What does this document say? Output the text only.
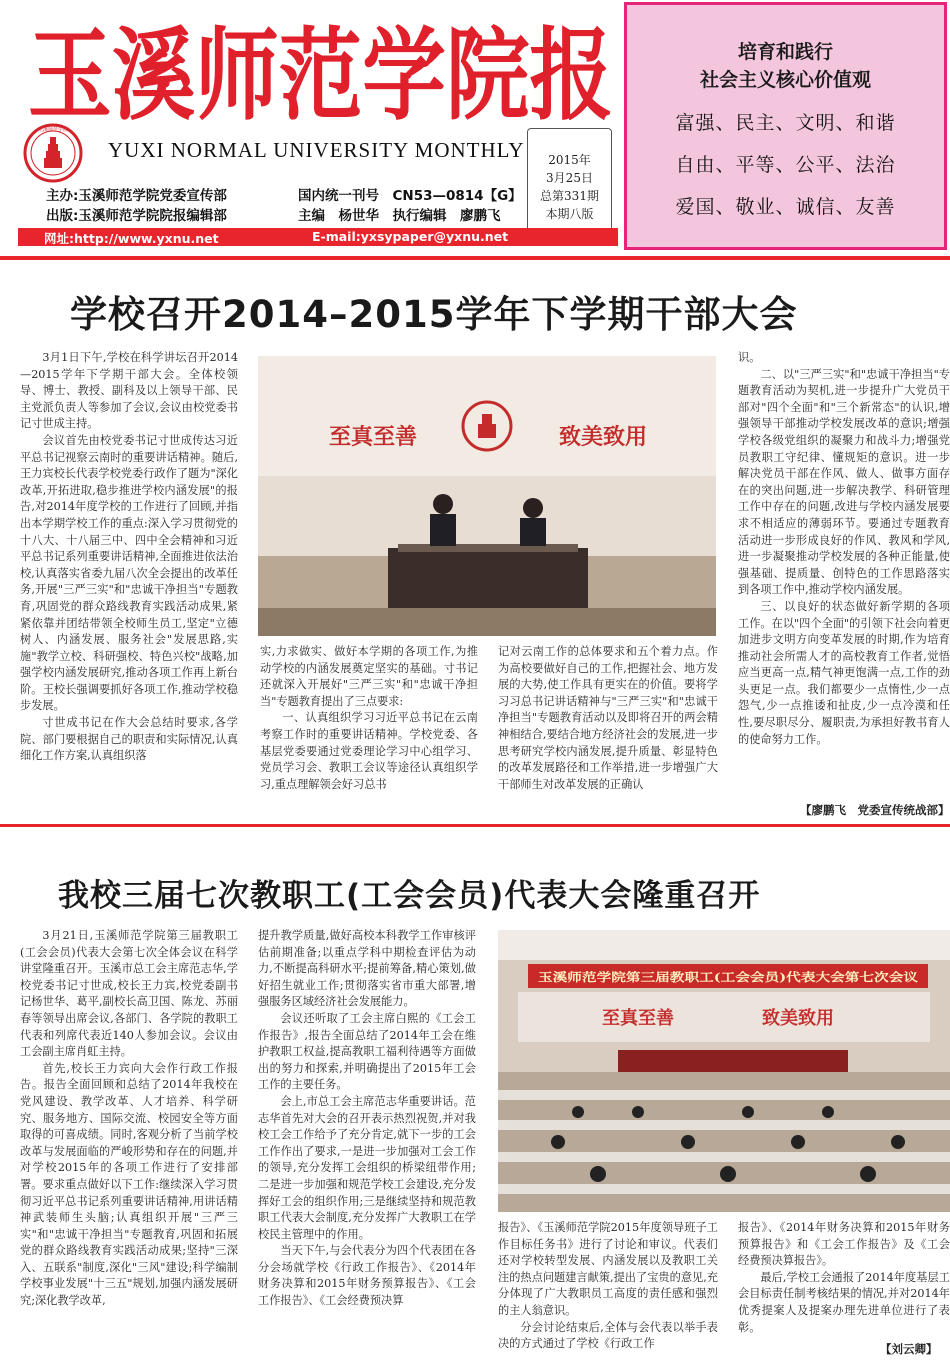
玉溪师范学院报
玉溪师范学院
YUXI NORMAL UNIVERSITY MONTHLY
主办:玉溪师范学院党委宣传部
出版:玉溪师范学院院报编辑部
国内统一刊号　CN53—0814【G】
主编　杨世华　执行编辑　廖鹏飞
2015年
3月25日
总第331期
本期八版
网址:http://www.yxnu.net	E-mail:yxsypaper@yxnu.net
培育和践行
社会主义核心价值观
富强、民主、文明、和谐
自由、平等、公平、法治
爱国、敬业、诚信、友善
学校召开2014–2015学年下学期干部大会

3月1日下午,学校在科学讲坛召开2014—2015学年下学期干部大会。全体校领导、博士、教授、副科及以上领导干部、民主党派负责人等参加了会议,会议由校党委书记寸世成主持。

会议首先由校党委书记寸世成传达习近平总书记视察云南时的重要讲话精神。随后,王力宾校长代表学校党委行政作了题为"深化改革,开拓进取,稳步推进学校内涵发展"的报告,对2014年度学校的工作进行了回顾,并指出本学期学校工作的重点:深入学习贯彻党的十八大、十八届三中、四中全会精神和习近平总书记系列重要讲话精神,全面推进依法治校,认真落实省委九届八次全会提出的改革任务,开展"三严三实"和"忠诚干净担当"专题教育,巩固党的群众路线教育实践活动成果,紧紧依靠并团结带领全校师生员工,坚定"立德树人、内涵发展、服务社会"发展思路,实施"教学立校、科研强校、特色兴校"战略,加强学校内涵发展研究,推动各项工作再上新台阶。王校长强调要抓好各项工作,推动学校稳步发展。

寸世成书记在作大会总结时要求,各学院、部门要根据自己的职责和实际情况,认真细化工作方案,认真组织落

至真至善	致美致用

实,力求做实、做好本学期的各项工作,为推动学校的内涵发展奠定坚实的基础。寸书记还就深入开展好"三严三实"和"忠诚干净担当"专题教育提出了三点要求:

一、认真组织学习习近平总书记在云南考察工作时的重要讲话精神。学校党委、各基层党委要通过党委理论学习中心组学习、党员学习会、教职工会议等途径认真组织学习,重点理解领会好习总书

记对云南工作的总体要求和五个着力点。作为高校要做好自己的工作,把握社会、地方发展的大势,使工作具有更实在的价值。要将学习习总书记讲话精神与"三严三实"和"忠诚干净担当"专题教育活动以及即将召开的两会精神相结合,要结合地方经济社会的发展,进一步思考研究学校内涵发展,提升质量、彰显特色的改革发展路径和工作举措,进一步增强广大干部师生对改革发展的正确认

识。

二、以"三严三实"和"忠诚干净担当"专题教育活动为契机,进一步提升广大党员干部对"四个全面"和"三个新常态"的认识,增强领导干部推动学校发展改革的意识;增强学校各级党组织的凝聚力和战斗力;增强党员教职工守纪律、懂规矩的意识。进一步解决党员干部在作风、做人、做事方面存在的突出问题,进一步解决教学、科研管理工作中存在的问题,改进与学校内涵发展要求不相适应的薄弱环节。要通过专题教育活动进一步形成良好的作风、教风和学风,进一步凝聚推动学校发展的各种正能量,使强基础、提质量、创特色的工作思路落实到各项工作中,推动学校内涵发展。

三、以良好的状态做好新学期的各项工作。在以"四个全面"的引领下社会向着更加进步文明方向变革发展的时期,作为培育推动社会所需人才的高校教育工作者,觉悟应当更高一点,精气神更饱满一点,工作的劲头更足一点。我们都要少一点惰性,少一点怨气,少一点推诿和扯皮,少一点冷漠和任性,要尽职尽分、履职责,为承担好教书育人的使命努力工作。

【廖鹏飞　党委宣传统战部】
我校三届七次教职工(工会会员)代表大会隆重召开

3月21日,玉溪师范学院第三届教职工(工会会员)代表大会第七次全体会议在科学讲堂隆重召开。玉溪市总工会主席范志华,学校党委书记寸世成,校长王力宾,校党委副书记杨世华、葛平,副校长高卫国、陈龙、苏丽春等领导出席会议,各部门、各学院的教职工代表和列席代表近140人参加会议。会议由工会副主席肖虹主持。

首先,校长王力宾向大会作行政工作报告。报告全面回顾和总结了2014年我校在党风建设、教学改革、人才培养、科学研究、服务地方、国际交流、校园安全等方面取得的可喜成绩。同时,客观分析了当前学校改革与发展面临的严峻形势和存在的问题,并对学校2015年的各项工作进行了安排部署。要求重点做好以下工作:继续深入学习贯彻习近平总书记系列重要讲话精神,用讲话精神武装师生头脑;认真组织开展"三严三实"和"忠诚干净担当"专题教育,巩固和拓展党的群众路线教育实践活动成果;坚持"三深入、五联系"制度,深化"三风"建设;科学编制学校事业发展"十三五"规划,加强内涵发展研究;深化教学改革,

提升教学质量,做好高校本科教学工作审核评估前期准备;以重点学科中期检查评估为动力,不断提高科研水平;提前筹备,精心策划,做好招生就业工作;贯彻落实省市重大部署,增强服务区域经济社会发展能力。

会议还听取了工会主席白熙的《工会工作报告》,报告全面总结了2014年工会在维护教职工权益,提高教职工福利待遇等方面做出的努力和探索,并明确提出了2015年工会工作的主要任务。

会上,市总工会主席范志华重要讲话。范志华首先对大会的召开表示热烈祝贺,并对我校工会工作给予了充分肯定,就下一步的工会工作作出了要求,一是进一步加强对工会工作的领导,充分发挥工会组织的桥梁纽带作用;二是进一步加强和规范学校工会建设,充分发挥好工会的组织作用;三是继续坚持和规范教职工代表大会制度,充分发挥广大教职工在学校民主管理中的作用。

当天下午,与会代表分为四个代表团在各分会场就学校《行政工作报告》、《2014年财务决算和2015年财务预算报告》、《工会工作报告》、《工会经费预决算

玉溪师范学院第三届教职工(工会会员)代表大会第七次会议
至真至善	致美致用

报告》、《玉溪师范学院2015年度领导班子工作目标任务书》进行了讨论和审议。代表们还对学校转型发展、内涵发展以及教职工关注的热点问题建言献策,提出了宝贵的意见,充分体现了广大教职员工高度的责任感和强烈的主人翁意识。

分会讨论结束后,全体与会代表以举手表决的方式通过了学校《行政工作

报告》、《2014年财务决算和2015年财务预算报告》和《工会工作报告》及《工会经费预决算报告》。

最后,学校工会通报了2014年度基层工会目标责任制考核结果的情况,并对2014年优秀提案人及提案办理先进单位进行了表彰。

【刘云卿】
